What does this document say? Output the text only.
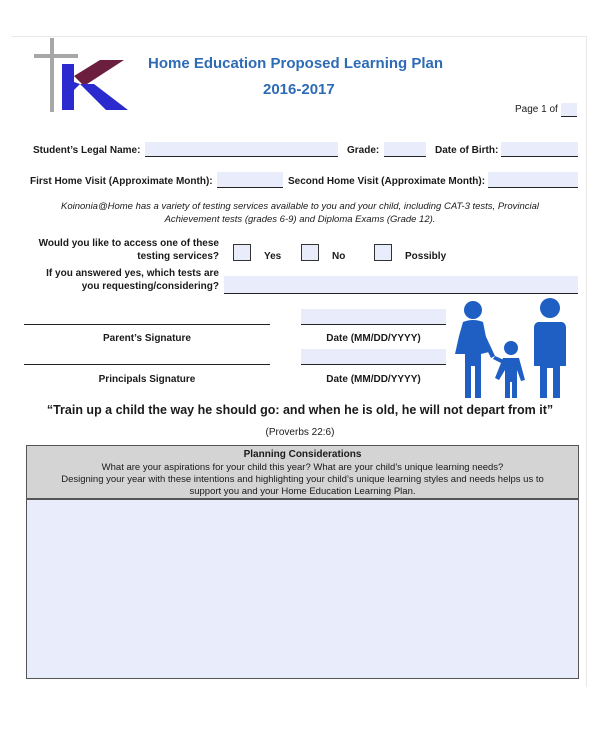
Home Education Proposed Learning Plan
2016-2017
Page 1 of
Student’s Legal Name:	Grade:	Date of Birth:
First Home Visit (Approximate Month):	Second Home Visit (Approximate Month):
Koinonia@Home has a variety of testing services available to you and your child, including CAT-3 tests, Provincial
Achievement tests (grades 6-9) and Diploma Exams (Grade 12).
Would you like to access one of these
testing services?	Yes	No	Possibly
If you answered yes, which tests are
you requesting/considering?
Parent’s Signature	Date (MM/DD/YYYY)
Principals Signature	Date (MM/DD/YYYY)
“Train up a child the way he should go: and when he is old, he will not depart from it”
(Proverbs 22:6)
Planning Considerations
What are your aspirations for your child this year? What are your child’s unique learning needs?
Designing your year with these intentions and highlighting your child’s unique learning styles and needs helps us to
support you and your Home Education Learning Plan.
